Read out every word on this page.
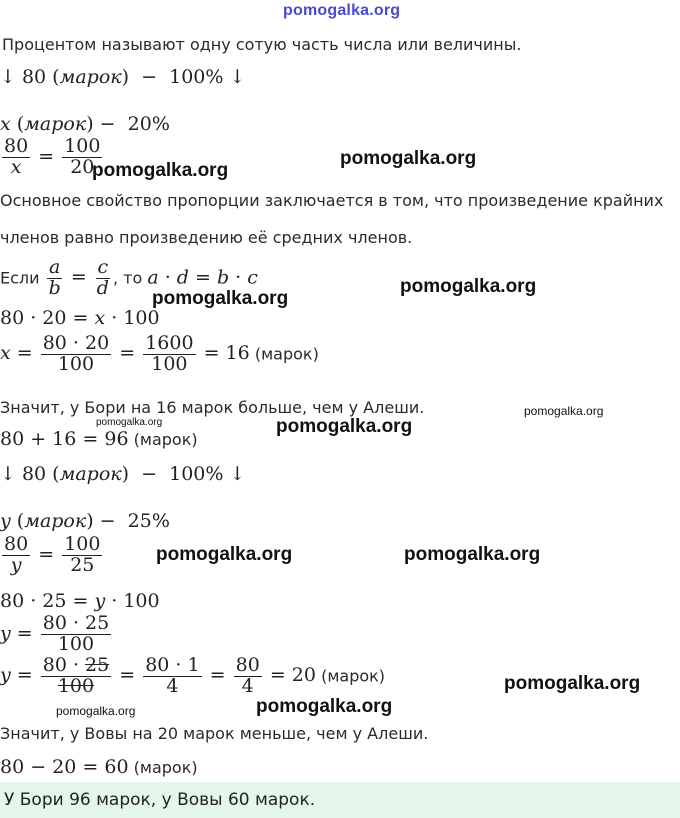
pomogalka.org
Процентом называют одну сотую часть числа или величины.
↓ 80 (марок)  −  100% ↓
x (марок) −  20%
$\frac{80}{x} = \frac{100}{20}$
Основное свойство пропорции заключается в том, что произведение крайних
членов равно произведению её средних членов.
Если $\frac{a}{b} = \frac{c}{d}$ , то a · d = b · c
80 · 20 = x · 100
$x = \frac{80 \cdot 20}{100} = \frac{1600}{100} = 16$ (марок)
Значит, у Бори на 16 марок больше, чем у Алеши.
80 + 16 = 96 (марок)
↓ 80 (марок)  −  100% ↓
y (марок) −  25%
$\frac{80}{y} = \frac{100}{25}$
80 · 25 = y · 100
$y = \frac{80 \cdot 25}{100}$
$y = \frac{80 \cdot 25}{100} = \frac{80 \cdot 1}{4} = \frac{80}{4} = 20$ (марок)
Значит, у Вовы на 20 марок меньше, чем у Алеши.
80 − 20 = 60 (марок)
У Бори 96 марок, у Вовы 60 марок.
pomogalka.org
pomogalka.org
pomogalka.org
pomogalka.org
pomogalka.org
pomogalka.org	pomogalka.org
pomogalka.org	pomogalka.org
pomogalka.org
pomogalka.org
pomogalka.org
